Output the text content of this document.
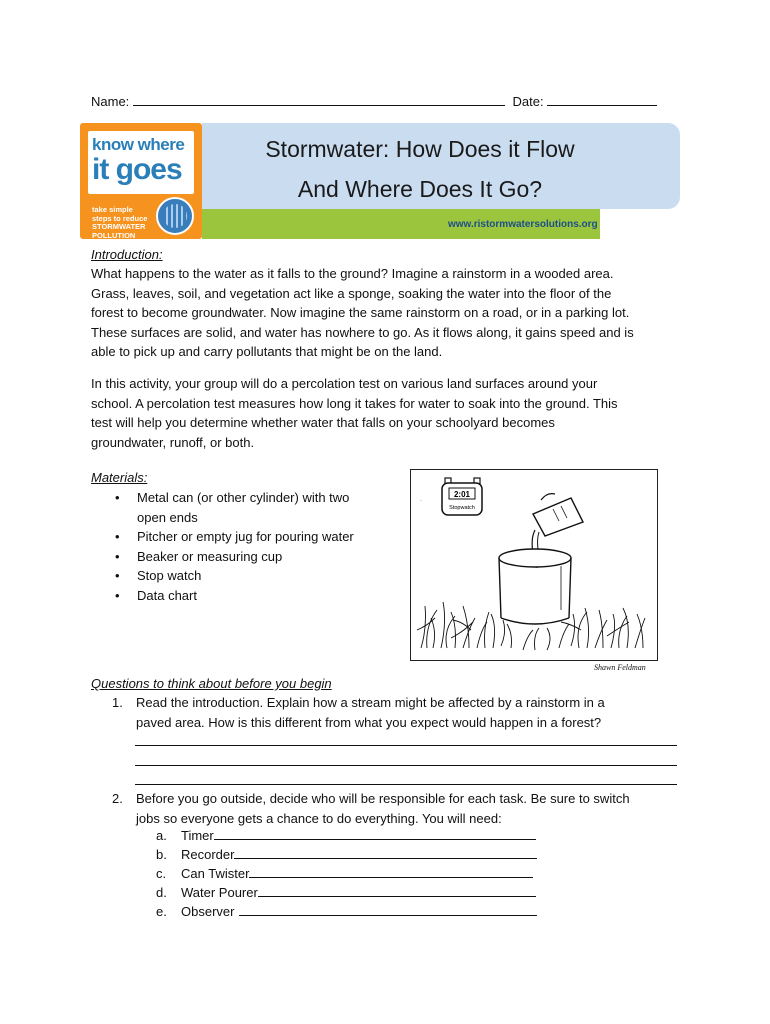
Name:	Date:
know where
it goes
take simple
steps to reduce
STORMWATER POLLUTION
Stormwater: How Does it Flow
And Where Does It Go?
www.ristormwatersolutions.org
Introduction:
What happens to the water as it falls to the ground? Imagine a rainstorm in a wooded area.
Grass, leaves, soil, and vegetation act like a sponge, soaking the water into the floor of the
forest to become groundwater. Now imagine the same rainstorm on a road, or in a parking lot.
These surfaces are solid, and water has nowhere to go. As it flows along, it gains speed and is
able to pick up and carry pollutants that might be on the land.
In this activity, your group will do a percolation test on various land surfaces around your
school. A percolation test measures how long it takes for water to soak into the ground. This
test will help you determine whether water that falls on your schoolyard becomes
groundwater, runoff, or both.
Materials:
• Metal can (or other cylinder) with two open ends
• Pitcher or empty jug for pouring water
• Beaker or measuring cup
• Stop watch
• Data chart
2:01
Stopwatch
·
Shawn Feldman
Questions to think about before you begin
1. Read the introduction. Explain how a stream might be affected by a rainstorm in a
paved area. How is this different from what you expect would happen in a forest?
2. Before you go outside, decide who will be responsible for each task. Be sure to switch
jobs so everyone gets a chance to do everything. You will need:
a. Timer
b. Recorder
c. Can Twister
d. Water Pourer
e. Observer
